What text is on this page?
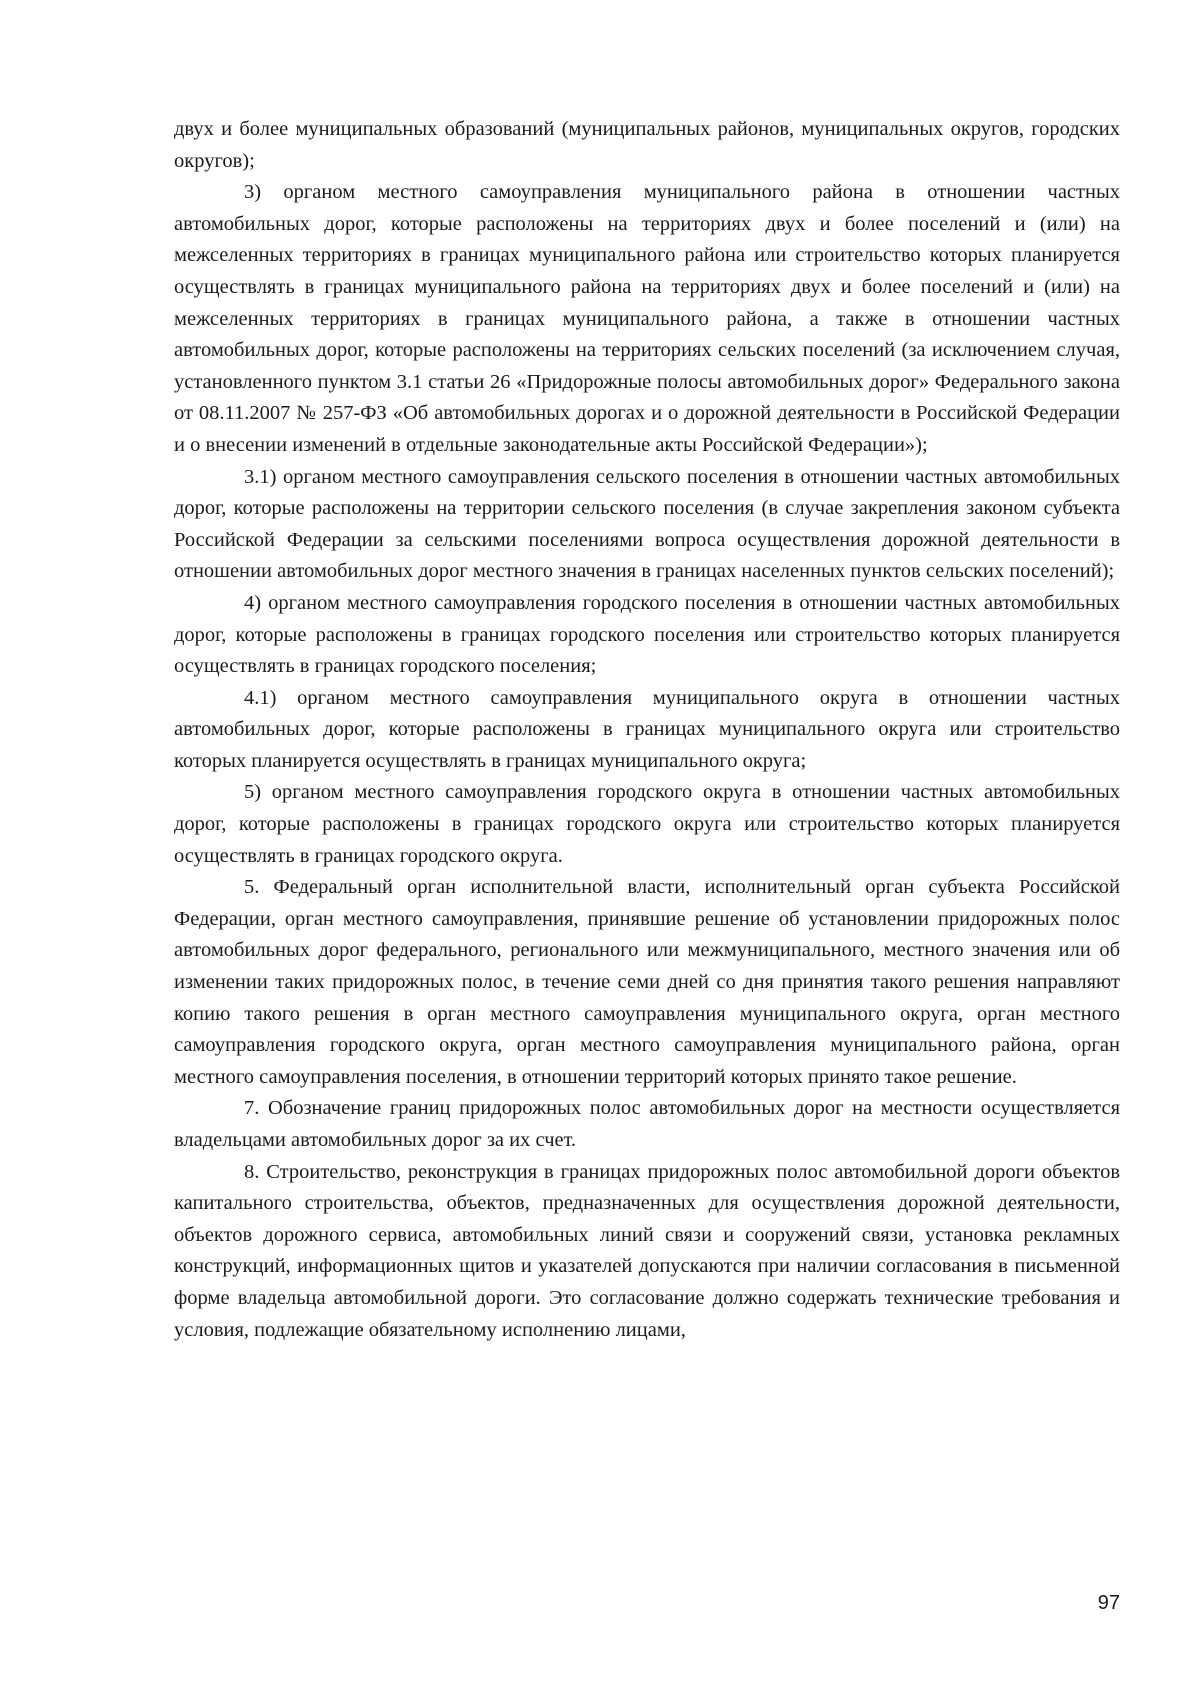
двух и более муниципальных образований (муниципальных районов, муниципальных округов, городских округов);

3) органом местного самоуправления муниципального района в отношении частных автомобильных дорог, которые расположены на территориях двух и более поселений и (или) на межселенных территориях в границах муниципального района или строительство которых планируется осуществлять в границах муниципального района на территориях двух и более поселений и (или) на межселенных территориях в границах муниципального района, а также в отношении частных автомобильных дорог, которые расположены на территориях сельских поселений (за исключением случая, установленного пунктом 3.1 статьи 26 «Придорожные полосы автомобильных дорог» Федерального закона от 08.11.2007 № 257-ФЗ «Об автомобильных дорогах и о дорожной деятельности в Российской Федерации и о внесении изменений в отдельные законодательные акты Российской Федерации»);

3.1) органом местного самоуправления сельского поселения в отношении частных автомобильных дорог, которые расположены на территории сельского поселения (в случае закрепления законом субъекта Российской Федерации за сельскими поселениями вопроса осуществления дорожной деятельности в отношении автомобильных дорог местного значения в границах населенных пунктов сельских поселений);

4) органом местного самоуправления городского поселения в отношении частных автомобильных дорог, которые расположены в границах городского поселения или строительство которых планируется осуществлять в границах городского поселения;

4.1) органом местного самоуправления муниципального округа в отношении частных автомобильных дорог, которые расположены в границах муниципального округа или строительство которых планируется осуществлять в границах муниципального округа;

5) органом местного самоуправления городского округа в отношении частных автомобильных дорог, которые расположены в границах городского округа или строительство которых планируется осуществлять в границах городского округа.

5. Федеральный орган исполнительной власти, исполнительный орган субъекта Российской Федерации, орган местного самоуправления, принявшие решение об установлении придорожных полос автомобильных дорог федерального, регионального или межмуниципального, местного значения или об изменении таких придорожных полос, в течение семи дней со дня принятия такого решения направляют копию такого решения в орган местного самоуправления муниципального округа, орган местного самоуправления городского округа, орган местного самоуправления муниципального района, орган местного самоуправления поселения, в отношении территорий которых принято такое решение.

7. Обозначение границ придорожных полос автомобильных дорог на местности осуществляется владельцами автомобильных дорог за их счет.

8. Строительство, реконструкция в границах придорожных полос автомобильной дороги объектов капитального строительства, объектов, предназначенных для осуществления дорожной деятельности, объектов дорожного сервиса, автомобильных линий связи и сооружений связи, установка рекламных конструкций, информационных щитов и указателей допускаются при наличии согласования в письменной форме владельца автомобильной дороги. Это согласование должно содержать технические требования и условия, подлежащие обязательному исполнению лицами,

97
